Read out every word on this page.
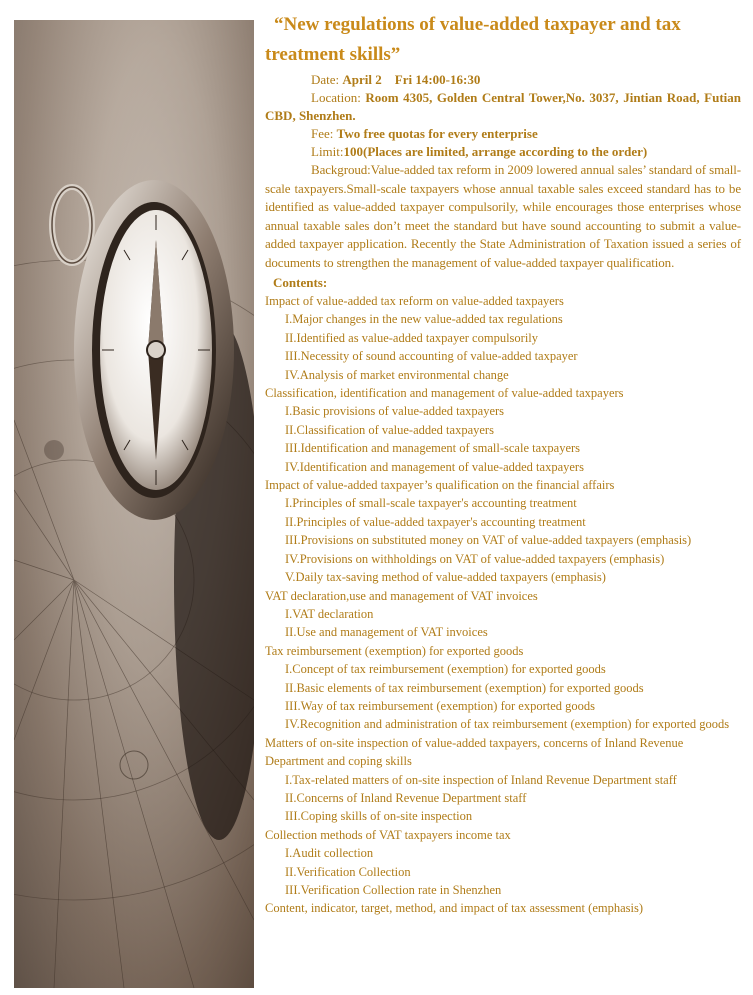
“New regulations of value-added taxpayer and tax treatment skills”
Date: April 2    Fri 14:00-16:30
Location: Room 4305, Golden Central Tower,No. 3037, Jintian Road, Futian CBD, Shenzhen.
Fee: Two free quotas for every enterprise
Limit:100(Places are limited, arrange according to the order)
Backgroud:Value-added tax reform in 2009 lowered annual sales’ standard of small-scale taxpayers.Small-scale taxpayers whose annual taxable sales exceed standard has to be identified as value-added taxpayer compulsorily, while encourages those enterprises whose annual taxable sales don’t meet the standard but have sound accounting to submit a value-added taxpayer application. Recently the State Administration of Taxation issued a series of documents to strengthen the management of value-added taxpayer qualification.
Contents:
Impact of value-added tax reform on value-added taxpayers
I.Major changes in the new value-added tax regulations
II.Identified as value-added taxpayer compulsorily
III.Necessity of sound accounting of value-added taxpayer
IV.Analysis of market environmental change
Classification, identification and management of value-added taxpayers
I.Basic provisions of value-added taxpayers
II.Classification of value-added taxpayers
III.Identification and management of small-scale taxpayers
IV.Identification and management of value-added taxpayers
Impact of value-added taxpayer’s qualification on the financial affairs
I.Principles of small-scale taxpayer's accounting treatment
II.Principles of value-added taxpayer's accounting treatment
III.Provisions on substituted money on VAT of value-added taxpayers (emphasis)
IV.Provisions on withholdings on VAT of value-added taxpayers (emphasis)
V.Daily tax-saving method of value-added taxpayers (emphasis)
VAT declaration,use and management of VAT invoices
I.VAT declaration
II.Use and management of VAT invoices
Tax reimbursement (exemption) for exported goods
I.Concept of tax reimbursement (exemption) for exported goods
II.Basic elements of tax reimbursement (exemption) for exported goods
III.Way of tax reimbursement (exemption) for exported goods
IV.Recognition and administration of tax reimbursement (exemption) for exported goods
Matters of on-site inspection of value-added taxpayers, concerns of Inland Revenue Department and coping skills
I.Tax-related matters of on-site inspection of Inland Revenue Department staff
II.Concerns of Inland Revenue Department staff
III.Coping skills of on-site inspection
Collection methods of VAT taxpayers income tax
I.Audit collection
II.Verification Collection
III.Verification Collection rate in Shenzhen
Content, indicator, target, method, and impact of tax assessment (emphasis)
